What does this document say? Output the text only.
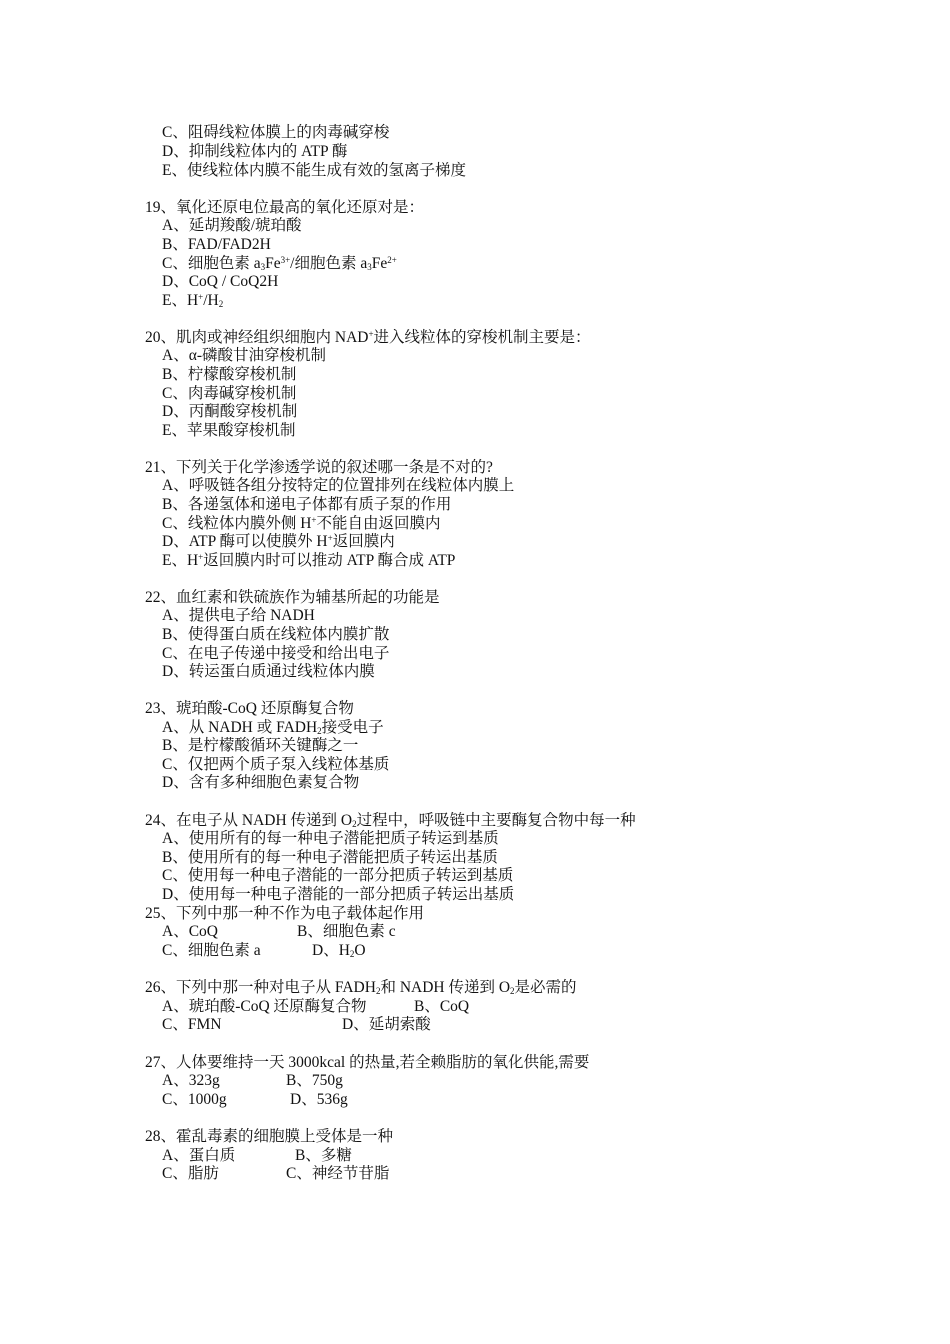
C、阻碍线粒体膜上的肉毒碱穿梭
D、抑制线粒体内的 ATP 酶
E、使线粒体内膜不能生成有效的氢离子梯度
19、氧化还原电位最高的氧化还原对是：
A、延胡羧酸/琥珀酸
B、FAD/FAD2H
C、细胞色素 $a_3Fe^{3+}/$细胞色素 $a_3Fe^{2+}$
D、CoQ / CoQ2H
E、$H^+/H_2$
20、肌肉或神经组织细胞内 NAD+进入线粒体的穿梭机制主要是：
A、α-磷酸甘油穿梭机制
B、柠檬酸穿梭机制
C、肉毒碱穿梭机制
D、丙酮酸穿梭机制
E、苹果酸穿梭机制
21、下列关于化学渗透学说的叙述哪一条是不对的?
A、呼吸链各组分按特定的位置排列在线粒体内膜上
B、各递氢体和递电子体都有质子泵的作用
C、线粒体内膜外侧 H+不能自由返回膜内
D、ATP 酶可以使膜外 H+返回膜内
E、H+返回膜内时可以推动 ATP 酶合成 ATP
22、血红素和铁硫族作为辅基所起的功能是
A、提供电子给 NADH
B、使得蛋白质在线粒体内膜扩散
C、在电子传递中接受和给出电子
D、转运蛋白质通过线粒体内膜
23、琥珀酸-CoQ 还原酶复合物
A、从 NADH 或 $FADH_2$接受电子
B、是柠檬酸循环关键酶之一
C、仅把两个质子泵入线粒体基质
D、含有多种细胞色素复合物
24、在电子从 NADH 传递到 $O_2$过程中，呼吸链中主要酶复合物中每一种
A、使用所有的每一种电子潜能把质子转运到基质
B、使用所有的每一种电子潜能把质子转运出基质
C、使用每一种电子潜能的一部分把质子转运到基质
D、使用每一种电子潜能的一部分把质子转运出基质
25、下列中那一种不作为电子载体起作用
A、CoQ	B、细胞色素 c
C、细胞色素 a	D、$H_2O$
26、下列中那一种对电子从 $FADH_2$和 NADH 传递到 $O_2$是必需的
A、琥珀酸-CoQ 还原酶复合物	B、CoQ
C、FMN	D、延胡索酸
27、人体要维持一天 3000kcal 的热量,若全赖脂肪的氧化供能,需要
A、323g	B、750g
C、1000g	D、536g
28、霍乱毒素的细胞膜上受体是一种
A、蛋白质	B、多糖
C、脂肪	C、神经节苷脂
